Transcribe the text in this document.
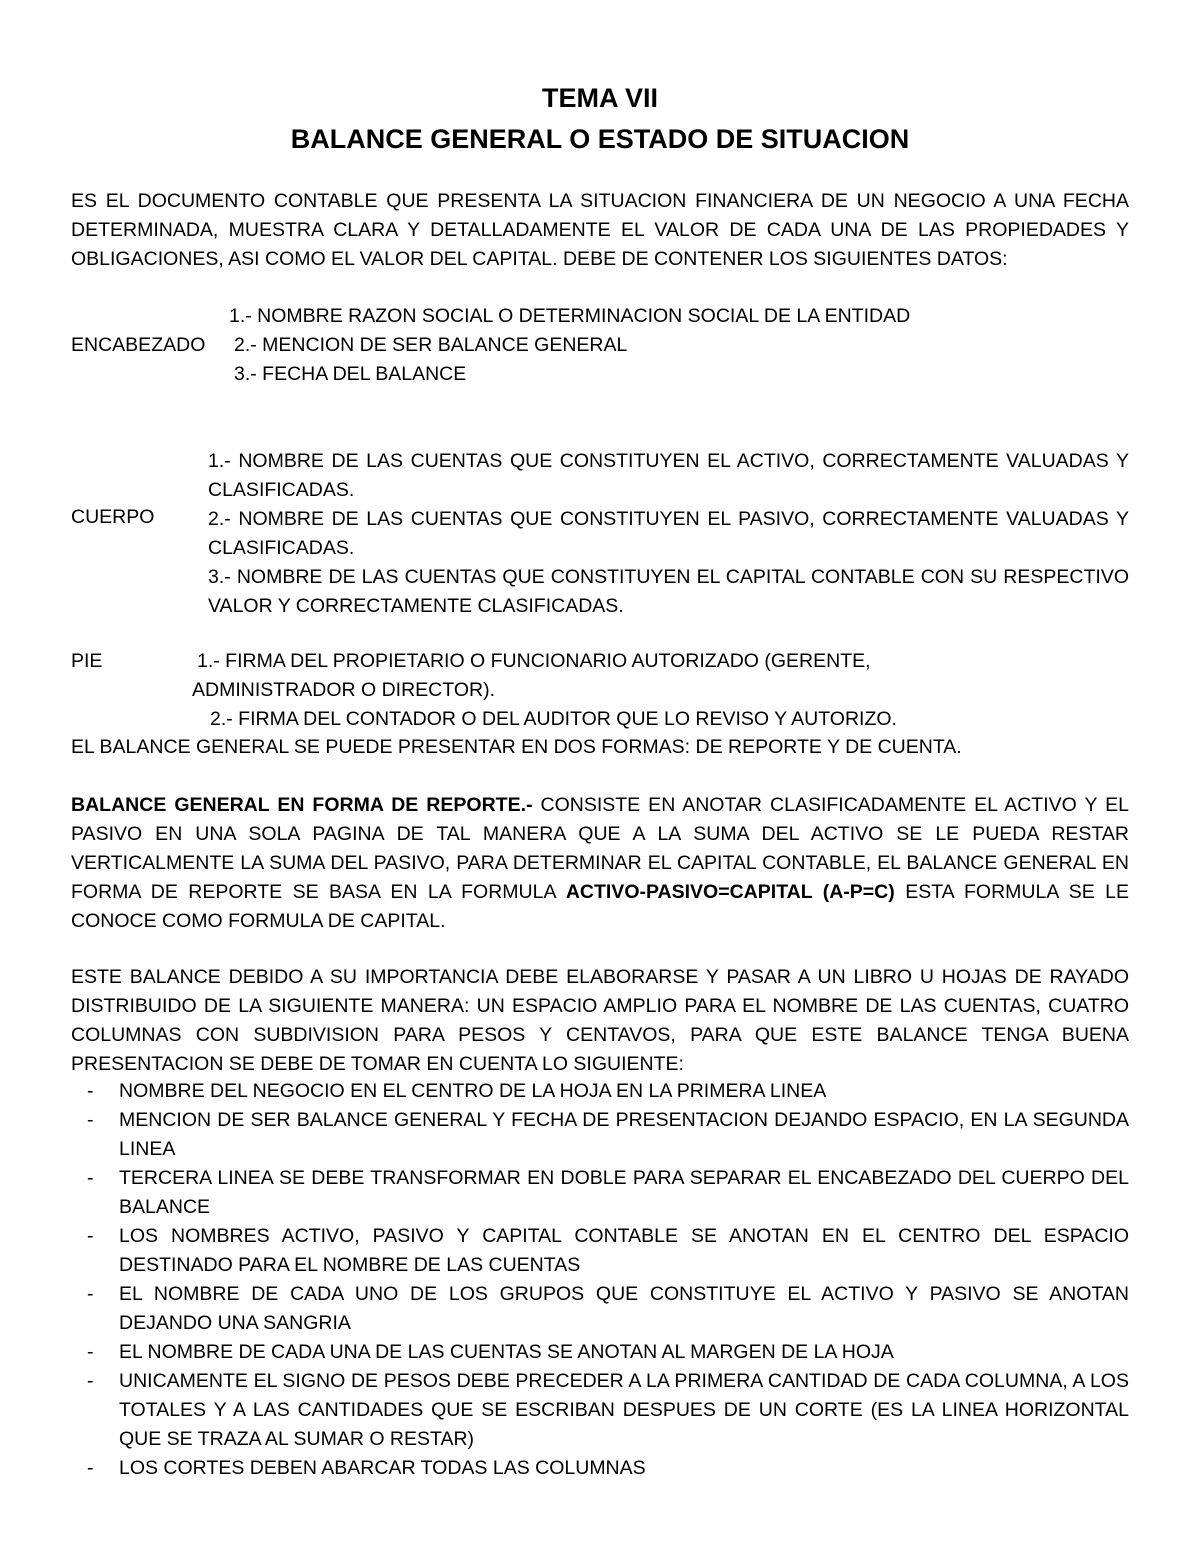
TEMA VII
BALANCE GENERAL O ESTADO DE SITUACION

ES EL DOCUMENTO CONTABLE QUE PRESENTA LA SITUACION FINANCIERA DE UN NEGOCIO A UNA FECHA DETERMINADA, MUESTRA CLARA Y DETALLADAMENTE EL VALOR DE CADA UNA DE LAS PROPIEDADES Y OBLIGACIONES, ASI COMO EL VALOR DEL CAPITAL. DEBE DE CONTENER LOS SIGUIENTES DATOS:

1.- NOMBRE RAZON SOCIAL O DETERMINACION SOCIAL DE LA ENTIDAD
ENCABEZADO 2.- MENCION DE SER BALANCE GENERAL
3.- FECHA DEL BALANCE
CUERPO

1.- NOMBRE DE LAS CUENTAS QUE CONSTITUYEN EL ACTIVO, CORRECTAMENTE VALUADAS Y CLASIFICADAS.

2.- NOMBRE DE LAS CUENTAS QUE CONSTITUYEN EL PASIVO, CORRECTAMENTE VALUADAS Y CLASIFICADAS.

3.- NOMBRE DE LAS CUENTAS QUE CONSTITUYEN EL CAPITAL CONTABLE CON SU RESPECTIVO VALOR Y CORRECTAMENTE CLASIFICADAS.

PIE	1.- FIRMA DEL PROPIETARIO O FUNCIONARIO AUTORIZADO (GERENTE,
ADMINISTRADOR O DIRECTOR).
2.- FIRMA DEL CONTADOR O DEL AUDITOR QUE LO REVISO Y AUTORIZO.
EL BALANCE GENERAL SE PUEDE PRESENTAR EN DOS FORMAS: DE REPORTE Y DE CUENTA.

BALANCE GENERAL EN FORMA DE REPORTE.- CONSISTE EN ANOTAR CLASIFICADAMENTE EL ACTIVO Y EL PASIVO EN UNA SOLA PAGINA DE TAL MANERA QUE A LA SUMA DEL ACTIVO SE LE PUEDA RESTAR VERTICALMENTE LA SUMA DEL PASIVO, PARA DETERMINAR EL CAPITAL CONTABLE, EL BALANCE GENERAL EN FORMA DE REPORTE SE BASA EN LA FORMULA ACTIVO-PASIVO=CAPITAL (A-P=C) ESTA FORMULA SE LE CONOCE COMO FORMULA DE CAPITAL.

ESTE BALANCE DEBIDO A SU IMPORTANCIA DEBE ELABORARSE Y PASAR A UN LIBRO U HOJAS DE RAYADO DISTRIBUIDO DE LA SIGUIENTE MANERA: UN ESPACIO AMPLIO PARA EL NOMBRE DE LAS CUENTAS, CUATRO COLUMNAS CON SUBDIVISION PARA PESOS Y CENTAVOS, PARA QUE ESTE BALANCE TENGA BUENA PRESENTACION SE DEBE DE TOMAR EN CUENTA LO SIGUIENTE:

- NOMBRE DEL NEGOCIO EN EL CENTRO DE LA HOJA EN LA PRIMERA LINEA
- MENCION DE SER BALANCE GENERAL Y FECHA DE PRESENTACION DEJANDO ESPACIO, EN LA SEGUNDA LINEA
- TERCERA LINEA SE DEBE TRANSFORMAR EN DOBLE PARA SEPARAR EL ENCABEZADO DEL CUERPO DEL BALANCE
- LOS NOMBRES ACTIVO, PASIVO Y CAPITAL CONTABLE SE ANOTAN EN EL CENTRO DEL ESPACIO DESTINADO PARA EL NOMBRE DE LAS CUENTAS
- EL NOMBRE DE CADA UNO DE LOS GRUPOS QUE CONSTITUYE EL ACTIVO Y PASIVO SE ANOTAN DEJANDO UNA SANGRIA
- EL NOMBRE DE CADA UNA DE LAS CUENTAS SE ANOTAN AL MARGEN DE LA HOJA
- UNICAMENTE EL SIGNO DE PESOS DEBE PRECEDER A LA PRIMERA CANTIDAD DE CADA COLUMNA, A LOS TOTALES Y A LAS CANTIDADES QUE SE ESCRIBAN DESPUES DE UN CORTE (ES LA LINEA HORIZONTAL QUE SE TRAZA AL SUMAR O RESTAR)
- LOS CORTES DEBEN ABARCAR TODAS LAS COLUMNAS
